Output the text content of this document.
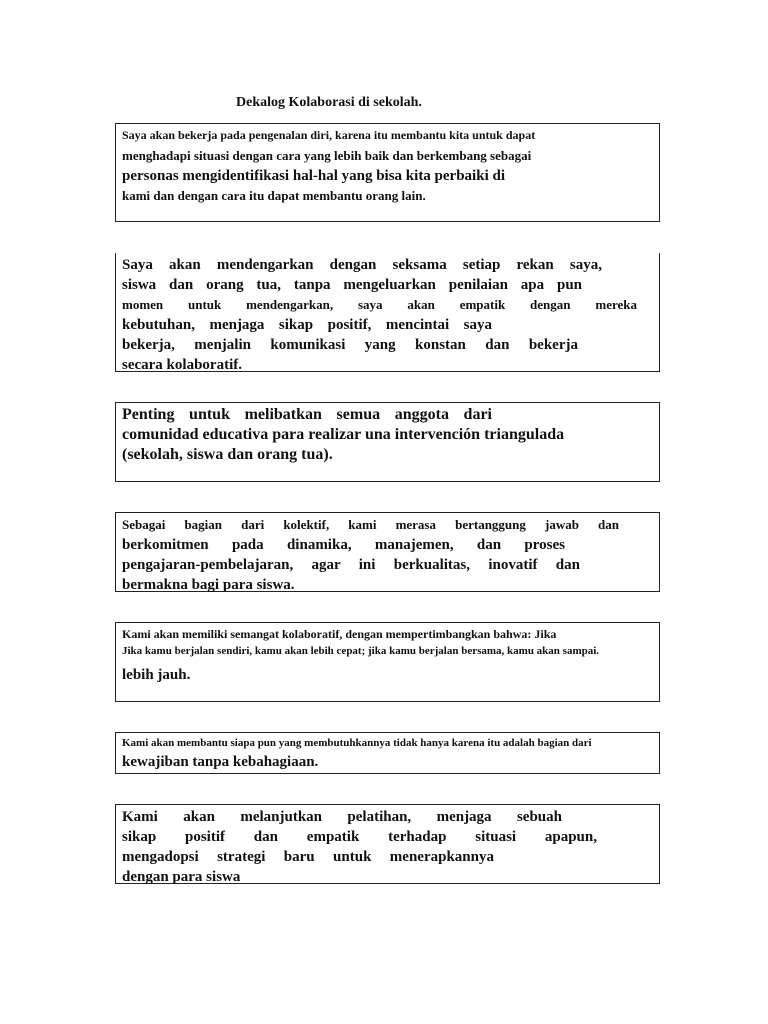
Dekalog Kolaborasi di sekolah.
Saya akan bekerja pada pengenalan diri, karena itu membantu kita untuk dapat
menghadapi situasi dengan cara yang lebih baik dan berkembang sebagai
personas mengidentifikasi hal-hal yang bisa kita perbaiki di
kami dan dengan cara itu dapat membantu orang lain.
Saya akan mendengarkan dengan seksama setiap rekan saya,
siswa dan orang tua, tanpa mengeluarkan penilaian apa pun
momen untuk mendengarkan, saya akan empatik dengan mereka
kebutuhan, menjaga sikap positif, mencintai saya
bekerja, menjalin komunikasi yang konstan dan bekerja
secara kolaboratif.
Penting untuk melibatkan semua anggota dari
comunidad educativa para realizar una intervención triangulada
(sekolah, siswa dan orang tua).
Sebagai bagian dari kolektif, kami merasa bertanggung jawab dan
berkomitmen pada dinamika, manajemen, dan proses
pengajaran-pembelajaran, agar ini berkualitas, inovatif dan
bermakna bagi para siswa.
Kami akan memiliki semangat kolaboratif, dengan mempertimbangkan bahwa: Jika
Jika kamu berjalan sendiri, kamu akan lebih cepat; jika kamu berjalan bersama, kamu akan sampai.
lebih jauh.
Kami akan membantu siapa pun yang membutuhkannya tidak hanya karena itu adalah bagian dari
kewajiban tanpa kebahagiaan.
Kami akan melanjutkan pelatihan, menjaga sebuah
sikap positif dan empatik terhadap situasi apapun,
mengadopsi strategi baru untuk menerapkannya
dengan para siswa
